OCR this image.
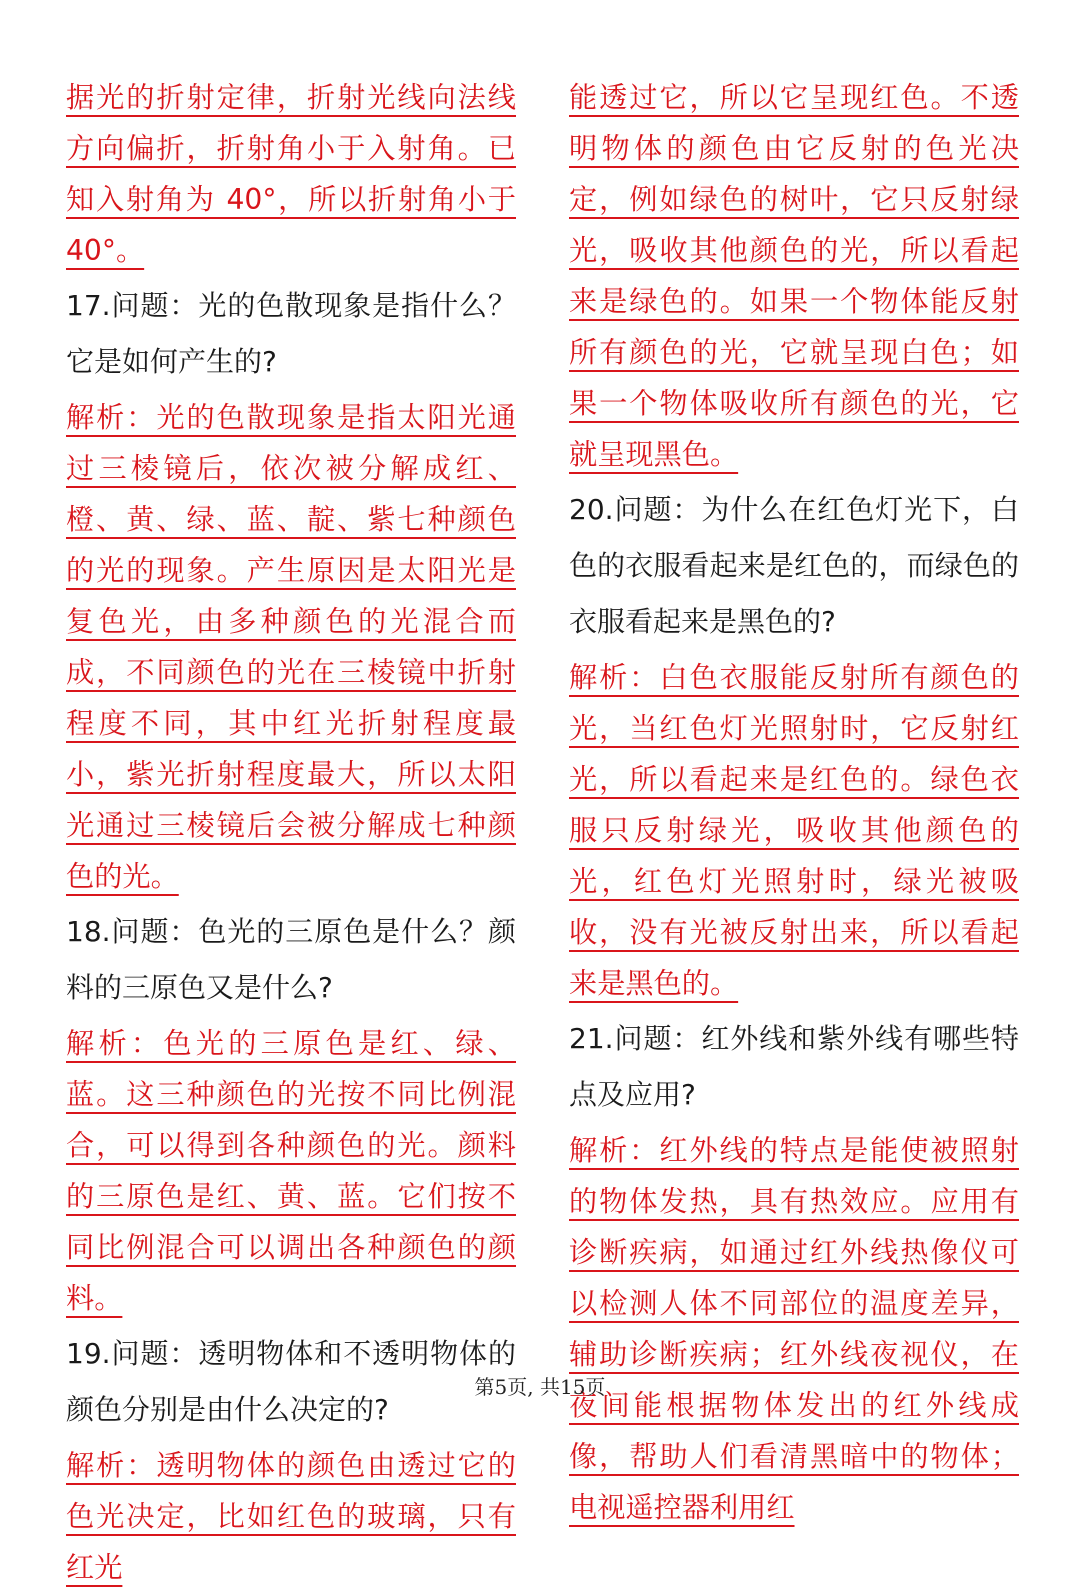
据光的折射定律，折射光线向法线方向偏折，折射角小于入射角。已知入射角为 40°，所以折射角小于 40°。

17.问题：光的色散现象是指什么？它是如何产生的?

解析：光的色散现象是指太阳光通过三棱镜后，依次被分解成红、橙、黄、绿、蓝、靛、紫七种颜色的光的现象。产生原因是太阳光是复色光，由多种颜色的光混合而成，不同颜色的光在三棱镜中折射程度不同，其中红光折射程度最小，紫光折射程度最大，所以太阳光通过三棱镜后会被分解成七种颜色的光。

18.问题：色光的三原色是什么？颜料的三原色又是什么?

解析：色光的三原色是红、绿、蓝。这三种颜色的光按不同比例混合，可以得到各种颜色的光。颜料的三原色是红、黄、蓝。它们按不同比例混合可以调出各种颜色的颜料。

19.问题：透明物体和不透明物体的颜色分别是由什么决定的?

解析：透明物体的颜色由透过它的色光决定，比如红色的玻璃，只有红光

能透过它，所以它呈现红色。不透明物体的颜色由它反射的色光决定，例如绿色的树叶，它只反射绿光，吸收其他颜色的光，所以看起来是绿色的。如果一个物体能反射所有颜色的光，它就呈现白色；如果一个物体吸收所有颜色的光，它就呈现黑色。

20.问题：为什么在红色灯光下，白色的衣服看起来是红色的，而绿色的衣服看起来是黑色的?

解析：白色衣服能反射所有颜色的光，当红色灯光照射时，它反射红光，所以看起来是红色的。绿色衣服只反射绿光，吸收其他颜色的光，红色灯光照射时，绿光被吸收，没有光被反射出来，所以看起来是黑色的。

21.问题：红外线和紫外线有哪些特点及应用?

解析：红外线的特点是能使被照射的物体发热，具有热效应。应用有诊断疾病，如通过红外线热像仪可以检测人体不同部位的温度差异，辅助诊断疾病；红外线夜视仪，在夜间能根据物体发出的红外线成像，帮助人们看清黑暗中的物体；电视遥控器利用红

第5页, 共15页
